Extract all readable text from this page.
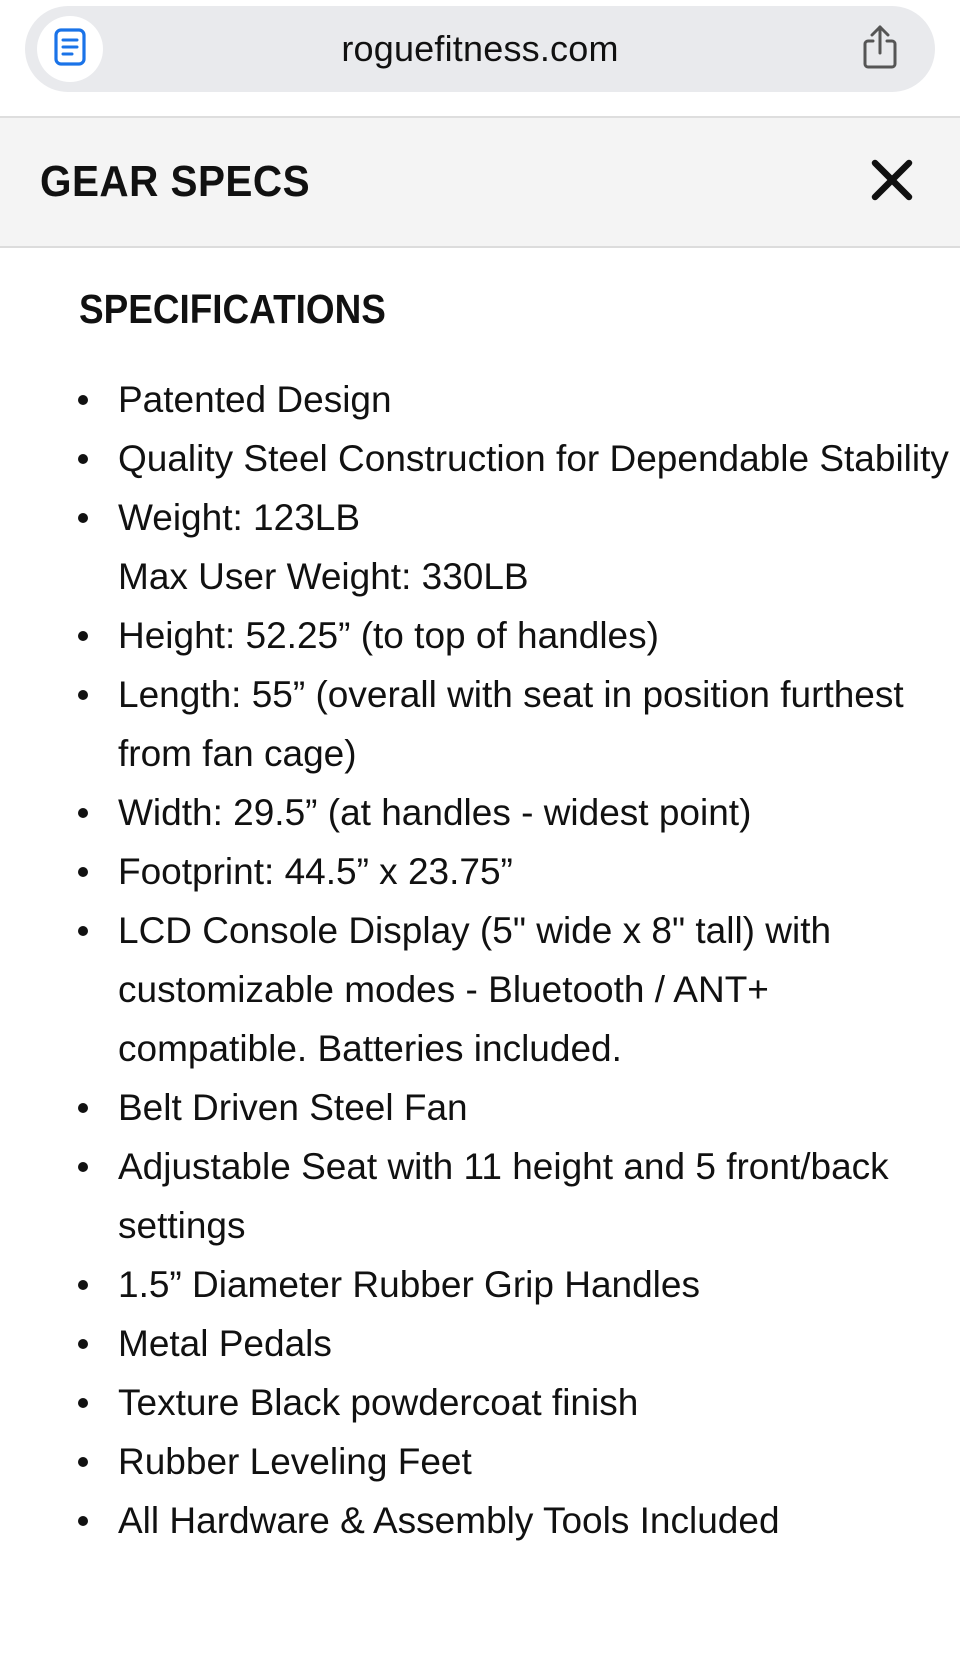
roguefitness.com
GEAR SPECS
SPECIFICATIONS
Patented Design
Quality Steel Construction for Dependable Stability
Weight: 123LB
Max User Weight: 330LB
Height: 52.25” (to top of handles)
Length: 55” (overall with seat in position furthest from fan cage)
Width: 29.5” (at handles - widest point)
Footprint: 44.5” x 23.75”
LCD Console Display (5" wide x 8" tall) with customizable modes - Bluetooth / ANT+ compatible. Batteries included.
Belt Driven Steel Fan
Adjustable Seat with 11 height and 5 front/back settings
1.5” Diameter Rubber Grip Handles
Metal Pedals
Texture Black powdercoat finish
Rubber Leveling Feet
All Hardware & Assembly Tools Included
